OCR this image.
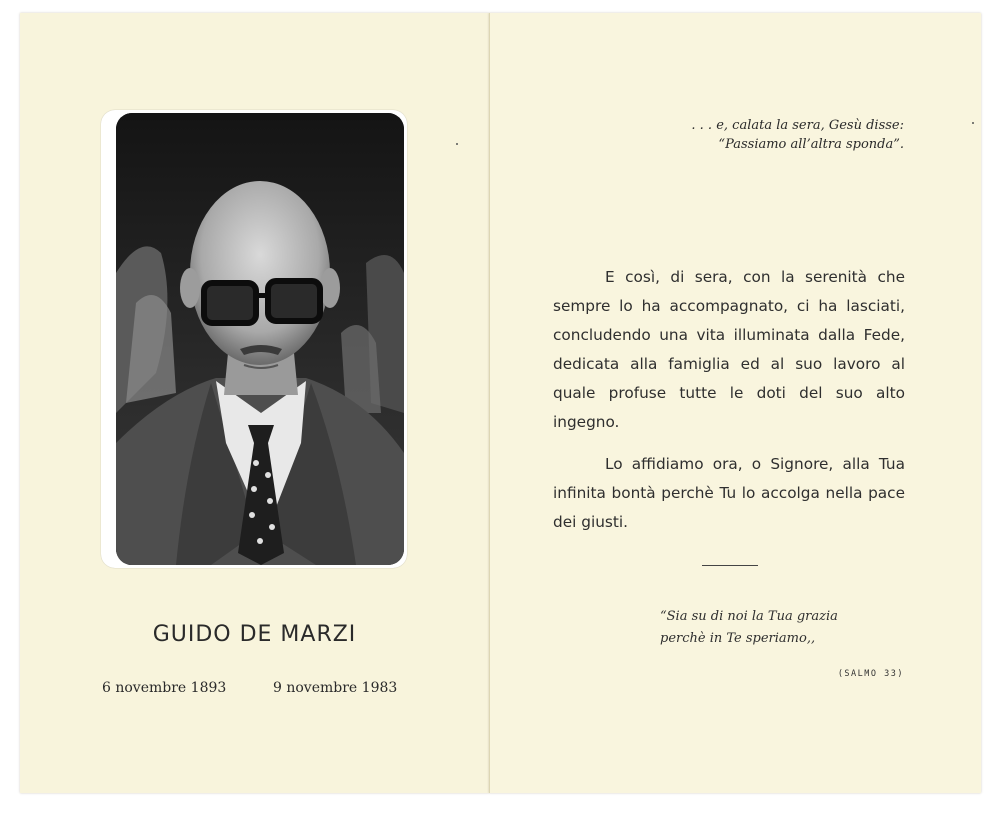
GUIDO DE MARZI
6 novembre 1893	9 novembre 1983
. . . e, calata la sera, Gesù disse:
“Passiamo all’altra sponda”.
E così, di sera, con la serenità che sempre lo ha accompagnato, ci ha lasciati, concludendo una vita illuminata dalla Fede, dedicata alla famiglia ed al suo lavoro al quale profuse tutte le doti del suo alto ingegno.
Lo affidiamo ora, o Signore, alla Tua infinita bontà perchè Tu lo accolga nella pace dei giusti.
“Sia su di noi la Tua grazia
perchè in Te speriamo,,
(SALMO 33)
